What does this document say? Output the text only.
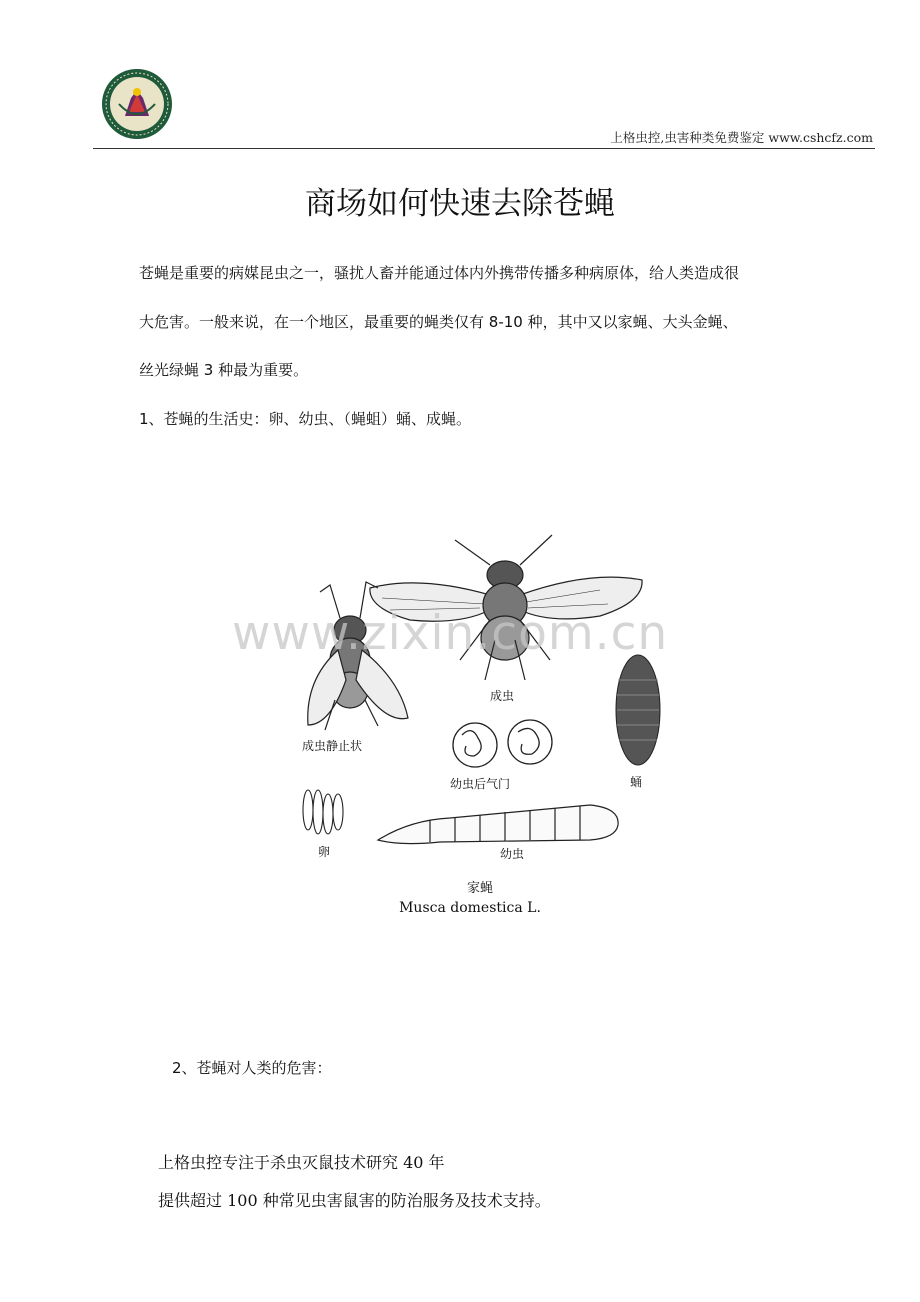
上格虫控,虫害种类免费鉴定 www.cshcfz.com
商场如何快速去除苍蝇
苍蝇是重要的病媒昆虫之一，骚扰人畜并能通过体内外携带传播多种病原体，给人类造成很
大危害。一般来说，在一个地区，最重要的蝇类仅有 8-10 种，其中又以家蝇、大头金蝇、
丝光绿蝇 3 种最为重要。
1、苍蝇的生活史：卵、幼虫、（蝇蛆）蛹、成蝇。
成虫
成虫静止状
幼虫后气门	蛹
卵	幼虫
家蝇
Musca domestica L.
www.zixin.com.cn
2、苍蝇对人类的危害：
上格虫控专注于杀虫灭鼠技术研究 40 年
提供超过 100 种常见虫害鼠害的防治服务及技术支持。
